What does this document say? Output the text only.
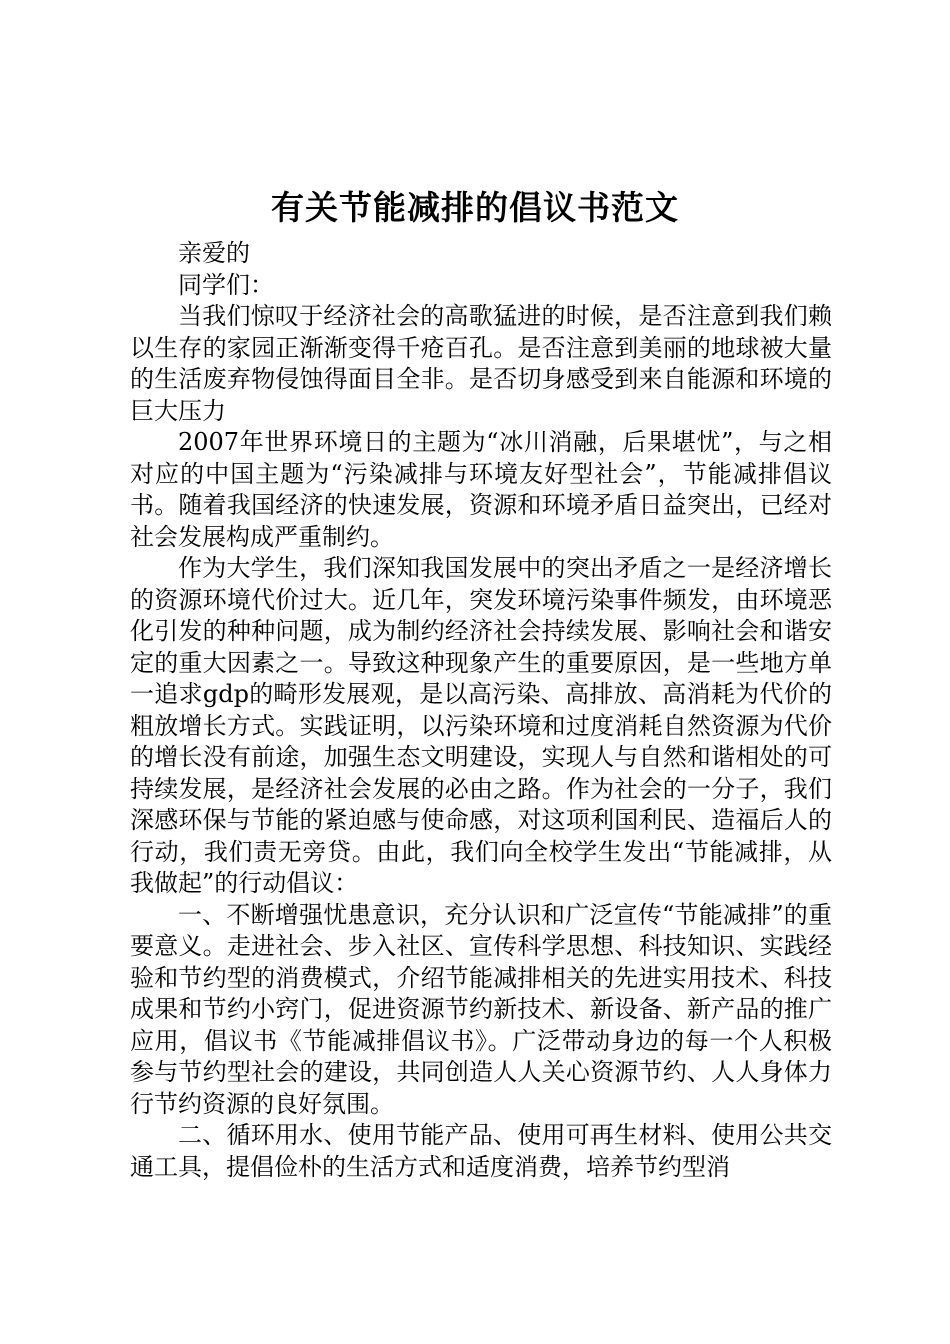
有关节能减排的倡议书范文

亲爱的

同学们：

当我们惊叹于经济社会的高歌猛进的时候，是否注意到我们赖以生存的家园正渐渐变得千疮百孔。是否注意到美丽的地球被大量的生活废弃物侵蚀得面目全非。是否切身感受到来自能源和环境的巨大压力

2007年世界环境日的主题为“冰川消融，后果堪忧”，与之相对应的中国主题为“污染减排与环境友好型社会”，节能减排倡议书。随着我国经济的快速发展，资源和环境矛盾日益突出，已经对社会发展构成严重制约。

作为大学生，我们深知我国发展中的突出矛盾之一是经济增长的资源环境代价过大。近几年，突发环境污染事件频发，由环境恶化引发的种种问题，成为制约经济社会持续发展、影响社会和谐安定的重大因素之一。导致这种现象产生的重要原因，是一些地方单一追求gdp的畸形发展观，是以高污染、高排放、高消耗为代价的粗放增长方式。实践证明，以污染环境和过度消耗自然资源为代价的增长没有前途，加强生态文明建设，实现人与自然和谐相处的可持续发展，是经济社会发展的必由之路。作为社会的一分子，我们深感环保与节能的紧迫感与使命感，对这项利国利民、造福后人的行动，我们责无旁贷。由此，我们向全校学生发出“节能减排，从我做起”的行动倡议：

一、不断增强忧患意识，充分认识和广泛宣传“节能减排”的重要意义。走进社会、步入社区、宣传科学思想、科技知识、实践经验和节约型的消费模式，介绍节能减排相关的先进实用技术、科技成果和节约小窍门，促进资源节约新技术、新设备、新产品的推广应用，倡议书《节能减排倡议书》。广泛带动身边的每一个人积极参与节约型社会的建设，共同创造人人关心资源节约、人人身体力行节约资源的良好氛围。

二、循环用水、使用节能产品、使用可再生材料、使用公共交通工具，提倡俭朴的生活方式和适度消费，培养节约型消
